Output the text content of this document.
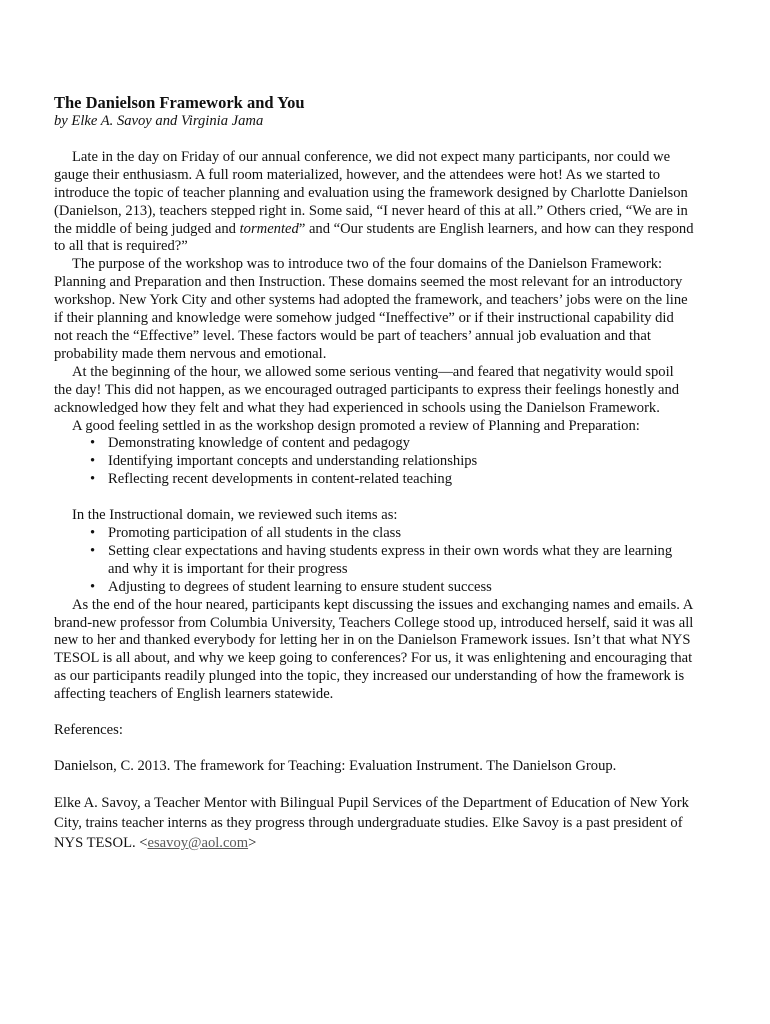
The Danielson Framework and You

by Elke A. Savoy and Virginia Jama

Late in the day on Friday of our annual conference, we did not expect many participants, nor could we gauge their enthusiasm. A full room materialized, however, and the attendees were hot! As we started to introduce the topic of teacher planning and evaluation using the framework designed by Charlotte Danielson (Danielson, 213), teachers stepped right in. Some said, “I never heard of this at all.” Others cried, “We are in the middle of being judged and tormented” and “Our students are English learners, and how can they respond to all that is required?”

The purpose of the workshop was to introduce two of the four domains of the Danielson Framework: Planning and Preparation and then Instruction. These domains seemed the most relevant for an introductory workshop. New York City and other systems had adopted the framework, and teachers’ jobs were on the line if their planning and knowledge were somehow judged “Ineffective” or if their instructional capability did not reach the “Effective” level. These factors would be part of teachers’ annual job evaluation and that probability made them nervous and emotional.

At the beginning of the hour, we allowed some serious venting—and feared that negativity would spoil the day! This did not happen, as we encouraged outraged participants to express their feelings honestly and acknowledged how they felt and what they had experienced in schools using the Danielson Framework.

A good feeling settled in as the workshop design promoted a review of Planning and Preparation:

• Demonstrating knowledge of content and pedagogy
• Identifying important concepts and understanding relationships
• Reflecting recent developments in content-related teaching

In the Instructional domain, we reviewed such items as:

• Promoting participation of all students in the class
• Setting clear expectations and having students express in their own words what they are learning and why it is important for their progress
• Adjusting to degrees of student learning to ensure student success

As the end of the hour neared, participants kept discussing the issues and exchanging names and emails. A brand-new professor from Columbia University, Teachers College stood up, introduced herself, said it was all new to her and thanked everybody for letting her in on the Danielson Framework issues. Isn’t that what NYS TESOL is all about, and why we keep going to conferences? For us, it was enlightening and encouraging that as our participants readily plunged into the topic, they increased our understanding of how the framework is affecting teachers of English learners statewide.

References:

Danielson, C. 2013. The framework for Teaching: Evaluation Instrument. The Danielson Group.

Elke A. Savoy, a Teacher Mentor with Bilingual Pupil Services of the Department of Education of New York City, trains teacher interns as they progress through undergraduate studies. Elke Savoy is a past president of NYS TESOL. <esavoy@aol.com>
